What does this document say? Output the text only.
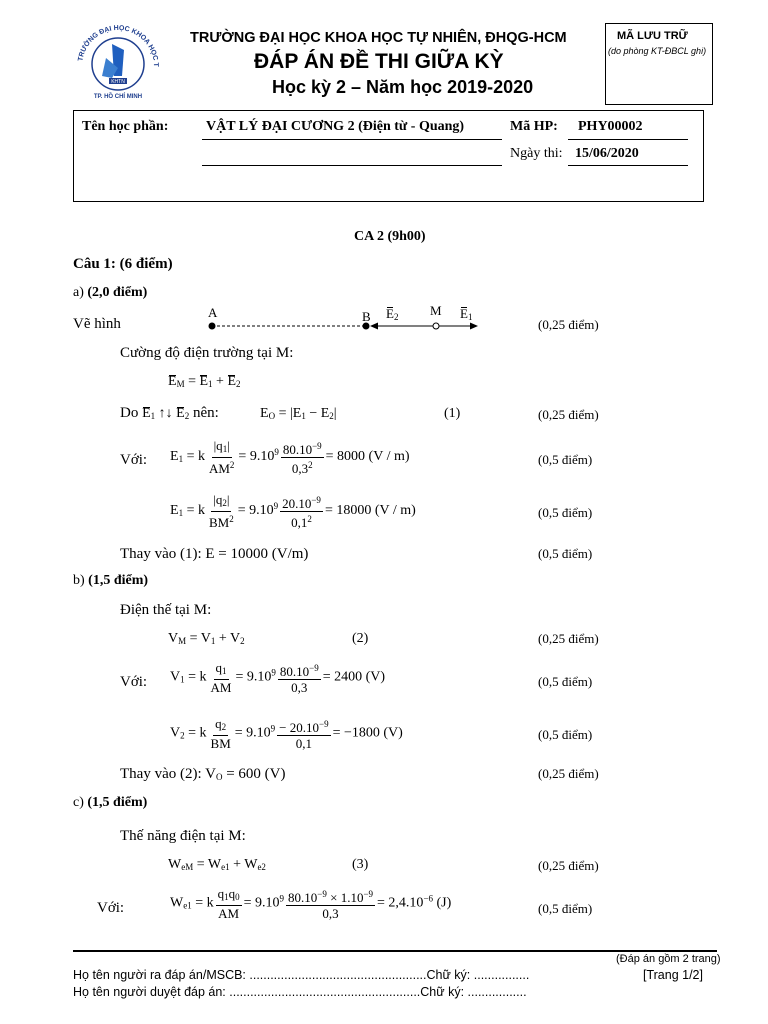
TRƯỜNG ĐẠI HỌC KHOA HỌC T
KHTN
TP. HỒ CHÍ MINH
TRƯỜNG ĐẠI HỌC KHOA HỌC TỰ NHIÊN, ĐHQG-HCM
ĐÁP ÁN ĐỀ THI GIỮA KỲ
Học kỳ 2 – Năm học 2019-2020
MÃ LƯU TRỮ
(do phòng KT-ĐBCL ghi)
Tên học phần:	VẬT LÝ ĐẠI CƯƠNG 2 (Điện từ - Quang)	Mã HP: PHY00002
Ngày thi: 15/06/2020
CA 2 (9h00)
Câu 1: (6 điểm)
a) (2,0 điểm)
Vẽ hình
A	B	M
$E_2$	$E_1$	(0,25 điểm)
Cường độ điện trường tại M:
$E_M = E_1 + E_2$
Do $E_1$ ↑↓ $E_2$ nên:	$E_O = |E_1 - E_2|$	(1)	(0,25 điểm)
Với: $E_1 = k \frac{|q_1|}{AM^2} = 9.10^9 \frac{80.10^{-9}}{0,3^2} = 8000$ (V / m)	(0,5 điểm)
$E_1 = k \frac{|q_2|}{BM^2} = 9.10^9 \frac{20.10^{-9}}{0,1^2} = 18000$ (V / m)	(0,5 điểm)
Thay vào (1): E = 10000 (V/m)	(0,5 điểm)
b) (1,5 điểm)
Điện thế tại M:
$V_M = V_1 + V_2$	(2)	(0,25 điểm)
Với: $V_1 = k \frac{q_1}{AM} = 9.10^9 \frac{80.10^{-9}}{0,3} = 2400$ (V)	(0,5 điểm)
$V_2 = k \frac{q_2}{BM} = 9.10^9 \frac{- 20.10^{-9}}{0,1} = -1800$ (V)	(0,5 điểm)
Thay vào (2): $V_O = 600$ (V)	(0,25 điểm)
c) (1,5 điểm)
Thế năng điện tại M:
$W_{eM} = W_{e1} + W_{e2}$	(3)	(0,25 điểm)
Với:	$W_{e1} = k \frac{q_1q_0}{AM} = 9.10^9 \frac{80.10^{-9} \times 1.10^{-9}}{0,3} = 2,4.10^{-6}$ (J)	(0,5 điểm)
(Đáp án gồm 2 trang)
Họ tên người ra đáp án/MSCB: ...................................................Chữ ký: ................	[Trang 1/2]
Họ tên người duyệt đáp án: .......................................................Chữ ký: .................
